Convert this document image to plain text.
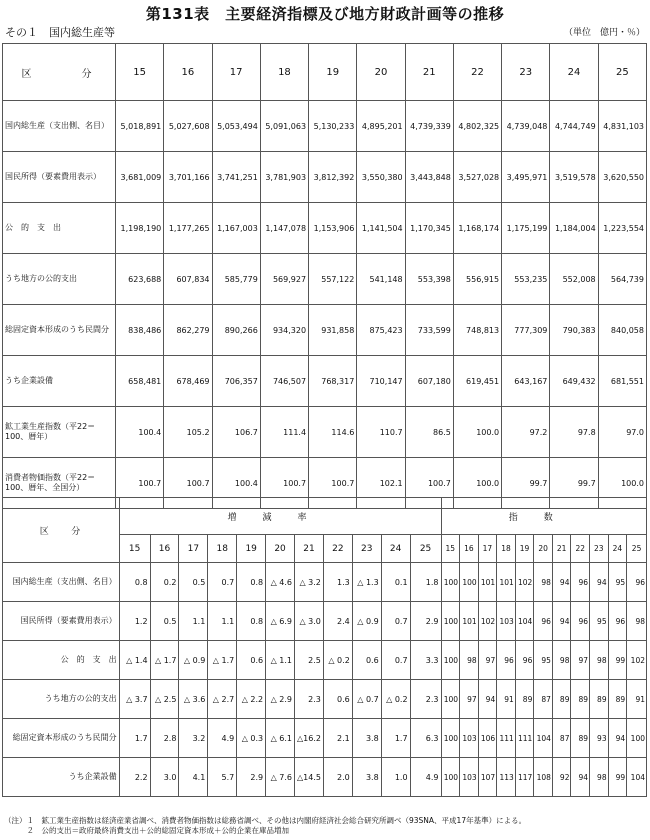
第131表　主要経済指標及び地方財政計画等の推移
その１　国内総生産等	（単位　億円・％）
区　　　分	15	16	17	18	19	20	21	22	23	24	25
国内総生産（支出側、名目）	5,018,891	5,027,608	5,053,494	5,091,063	5,130,233	4,895,201	4,739,339	4,802,325	4,739,048	4,744,749	4,831,103
国民所得（要素費用表示）	3,681,009	3,701,166	3,741,251	3,781,903	3,812,392	3,550,380	3,443,848	3,527,028	3,495,971	3,519,578	3,620,550
公　的　支　出	1,198,190	1,177,265	1,167,003	1,147,078	1,153,906	1,141,504	1,170,345	1,168,174	1,175,199	1,184,004	1,223,554
うち地方の公的支出	623,688	607,834	585,779	569,927	557,122	541,148	553,398	556,915	553,235	552,008	564,739
総固定資本形成のうち民間分	838,486	862,279	890,266	934,320	931,858	875,423	733,599	748,813	777,309	790,383	840,058
うち企業設備	658,481	678,469	706,357	746,507	768,317	710,147	607,180	619,451	643,167	649,432	681,551
鉱工業生産指数（平22＝100、暦年）	100.4	105.2	106.7	111.4	114.6	110.7	86.5	100.0	97.2	97.8	97.0
消費者物価指数（平22＝100、暦年、全国分）	100.7	100.7	100.4	100.7	100.7	102.1	100.7	100.0	99.7	99.7	100.0
区　　分	増減率											指数										
	15	16	17	18	19	20	21	22	23	24	25	15	16	17	18	19	20	21	22	23	24	25
国内総生産（支出側、名目）	0.8	0.2	0.5	0.7	0.8	△ 4.6	△ 3.2	1.3	△ 1.3	0.1	1.8	100	100	101	101	102	98	94	96	94	95	96
国民所得（要素費用表示）	1.2	0.5	1.1	1.1	0.8	△ 6.9	△ 3.0	2.4	△ 0.9	0.7	2.9	100	101	102	103	104	96	94	96	95	96	98
公　的　支　出	△ 1.4	△ 1.7	△ 0.9	△ 1.7	0.6	△ 1.1	2.5	△ 0.2	0.6	0.7	3.3	100	98	97	96	96	95	98	97	98	99	102
うち地方の公的支出	△ 3.7	△ 2.5	△ 3.6	△ 2.7	△ 2.2	△ 2.9	2.3	0.6	△ 0.7	△ 0.2	2.3	100	97	94	91	89	87	89	89	89	89	91
総固定資本形成のうち民間分	1.7	2.8	3.2	4.9	△ 0.3	△ 6.1	△16.2	2.1	3.8	1.7	6.3	100	103	106	111	111	104	87	89	93	94	100
うち企業設備	2.2	3.0	4.1	5.7	2.9	△ 7.6	△14.5	2.0	3.8	1.0	4.9	100	103	107	113	117	108	92	94	98	99	104
（注）１　鉱工業生産指数は経済産業省調べ、消費者物価指数は総務省調べ、その他は内閣府経済社会総合研究所調べ（93SNA、平成17年基準）による。
　　　２　公的支出＝政府最終消費支出＋公的総固定資本形成＋公的企業在庫品増加
